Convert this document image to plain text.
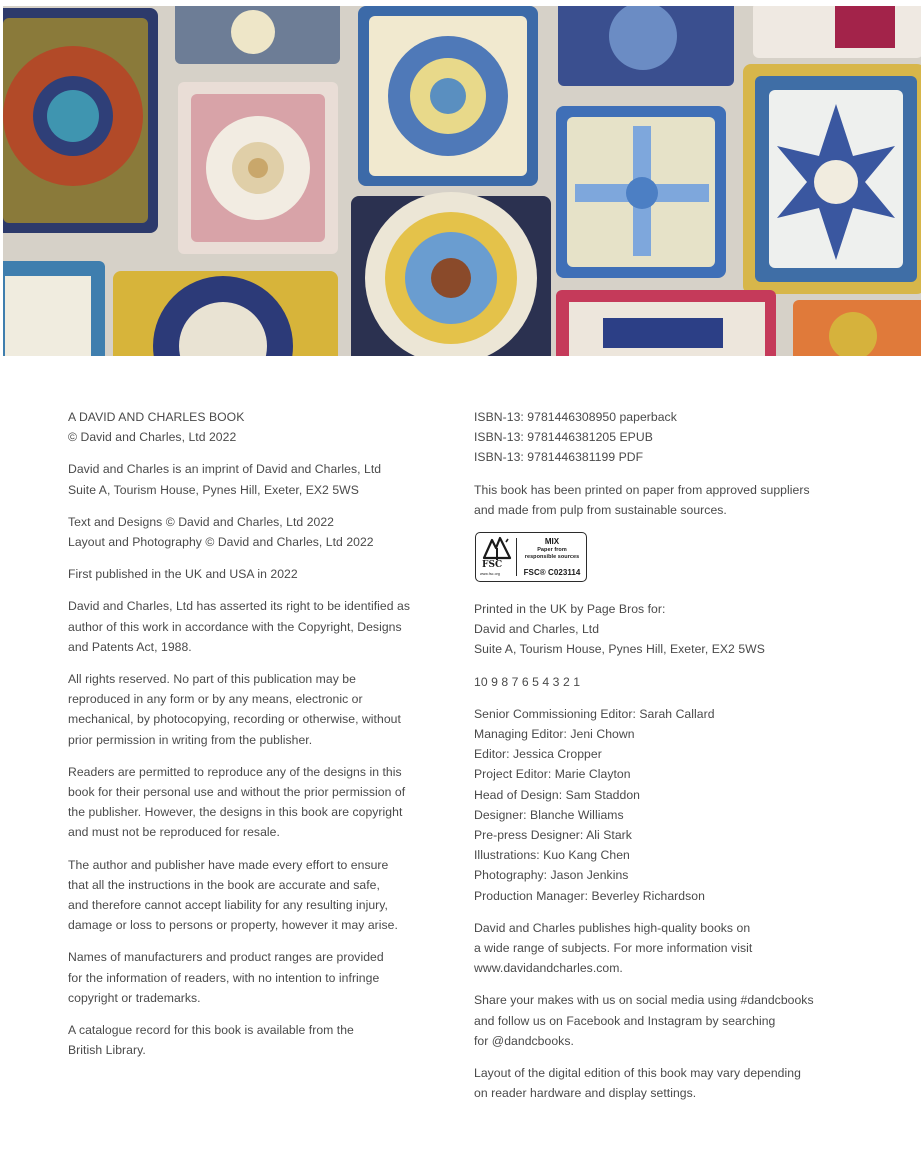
A DAVID AND CHARLES BOOK
© David and Charles, Ltd 2022

David and Charles is an imprint of David and Charles, Ltd
Suite A, Tourism House, Pynes Hill, Exeter, EX2 5WS

Text and Designs © David and Charles, Ltd 2022
Layout and Photography © David and Charles, Ltd 2022

First published in the UK and USA in 2022

David and Charles, Ltd has asserted its right to be identified as
author of this work in accordance with the Copyright, Designs
and Patents Act, 1988.

All rights reserved. No part of this publication may be
reproduced in any form or by any means, electronic or
mechanical, by photocopying, recording or otherwise, without
prior permission in writing from the publisher.

Readers are permitted to reproduce any of the designs in this
book for their personal use and without the prior permission of
the publisher. However, the designs in this book are copyright
and must not be reproduced for resale.

The author and publisher have made every effort to ensure
that all the instructions in the book are accurate and safe,
and therefore cannot accept liability for any resulting injury,
damage or loss to persons or property, however it may arise.

Names of manufacturers and product ranges are provided
for the information of readers, with no intention to infringe
copyright or trademarks.

A catalogue record for this book is available from the
British Library.

ISBN-13: 9781446308950 paperback
ISBN-13: 9781446381205 EPUB
ISBN-13: 9781446381199 PDF

This book has been printed on paper from approved suppliers
and made from pulp from sustainable sources.

FSC
www.fsc.org
MIX
Paper from
responsible sources
FSC® C023114

Printed in the UK by Page Bros for:
David and Charles, Ltd
Suite A, Tourism House, Pynes Hill, Exeter, EX2 5WS

10 9 8 7 6 5 4 3 2 1

Senior Commissioning Editor: Sarah Callard
Managing Editor: Jeni Chown
Editor: Jessica Cropper
Project Editor: Marie Clayton
Head of Design: Sam Staddon
Designer: Blanche Williams
Pre-press Designer: Ali Stark
Illustrations: Kuo Kang Chen
Photography: Jason Jenkins
Production Manager: Beverley Richardson

David and Charles publishes high-quality books on
a wide range of subjects. For more information visit
www.davidandcharles.com.

Share your makes with us on social media using #dandcbooks
and follow us on Facebook and Instagram by searching
for @dandcbooks.

Layout of the digital edition of this book may vary depending
on reader hardware and display settings.
